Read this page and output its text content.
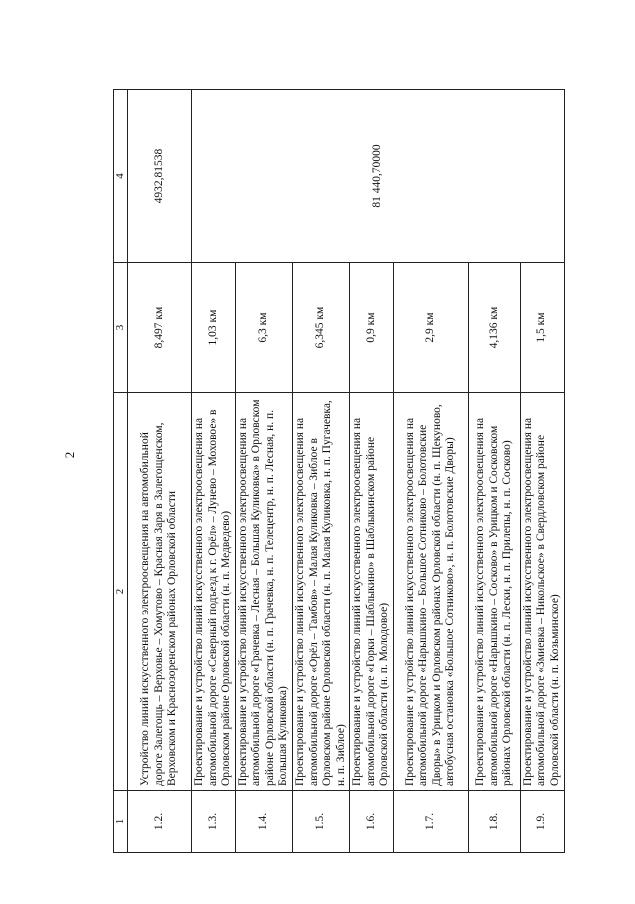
2
1	2	3	4
1.2.	Устройство линий искусственного электроосвещения на автомобильной дороге Залегощь – Верховье – Хомутово – Красная Заря в Залегощенском, Верховском и Краснозоренском районах Орловской области	8,497 км	4932,81538
1.3.	Проектирование и устройство линий искусственного электроосвещения на автомобильной дороге «Северный подъезд к г. Орёл» – Лунево – Моховое» в Орловском районе Орловской области (н. п. Медведево)	1,03 км	81 440,70000
1.4.	Проектирование и устройство линий искусственного электроосвещения на автомобильной дороге «Грачевка – Лесная – Большая Куликовка» в Орловском районе Орловской области (н. п. Грачевка, н. п. Телецентр, н. п. Лесная, н. п. Большая Куликовка)	6,3 км	
1.5.	Проектирование и устройство линий искусственного электроосвещения на автомобильной дороге «Орёл – Тамбов» – Малая Куликовка – Зиблое в Орловском районе Орловской области (н. п. Малая Куликовка, н. п. Пугачевка, н. п. Зиблое)	6,345 км	
1.6.	Проектирование и устройство линий искусственного электроосвещения на автомобильной дороге «Горки – Шаблыкино» в Шаблыкинском районе Орловской области (н. п. Молодовое)	0,9 км	
1.7.	Проектирование и устройство линий искусственного электроосвещения на автомобильной дороге «Нарышкино – Большое Сотниково – Болотовские Дворы» в Урицком и Орловском районах Орловской области (н. п. Щекуново, автобусная остановка «Большое Сотниково», н. п. Болотовские Дворы)	2,9 км	
1.8.	Проектирование и устройство линий искусственного электроосвещения на автомобильной дороге «Нарышкино – Сосково» в Урицком и Сосковском районах Орловской области (н. п. Лески, н. п. Прилепы, н. п. Сосково)	4,136 км	
1.9.	Проектирование и устройство линий искусственного электроосвещения на автомобильной дороге «Змиевка – Никольское» в Свердловском районе Орловской области (н. п. Козьминское)	1,5 км	
